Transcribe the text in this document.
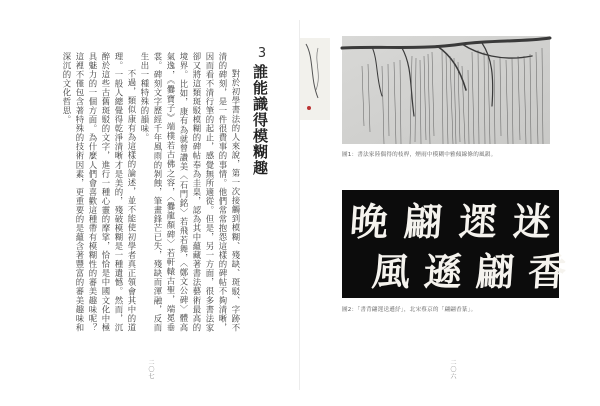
對於初學書法的人來說，第一次接觸到模糊、殘缺、斑駁、字跡不清的碑刻，是一件很費事的事情。他們常常抱怨這樣的碑帖不夠清晰，因而看不清行筆的起止，感覺無所適從。但是，另一方面，很多書法家卻又將這類斑駁模糊的碑帖奉為圭臬，認為其中蘊藏著書法藝術最高的境界。比如，康有為就曾讚美〈石門銘〉若飛若舞，〈鄭文公碑〉體高氣逸，《爨寶子》端樸若古佛之容，〈爨龍顏碑〉若軒轅古聖，端冕垂裳。碑刻文字歷經千年風雨的剝蝕，筆畫鋒芒已失，殘缺而渾融，反而生出一種特殊的韻味。

不過，類似康有為這樣的論述，並不能使初學者真正領會其中的道理。一般人總覺得乾淨清晰才是美的，殘破模糊是一種遺憾。然而，沉醉於這些古舊斑駁的文字，進行一種心靈的摩挲，恰恰是中國文化中極具魅力的一個方面。為什麼人們會喜歡這種帶有模糊性的審美趣味呢？這裡不僅包含著特殊的技術因素，更重要的是蘊含著豐富的審美趣味和深沉的文化哲思。	3
誰能識得模糊趣
二〇七	二〇六
圖1：書法家陸偶得的枝桿，煙雨中模糊中雅傾線條的風韻。
晚 翩 遝 迷
風 遜 翩 香
圖2：「書背翩遝送遜紓」，北宋蔡京的「翩翩香篆」。
